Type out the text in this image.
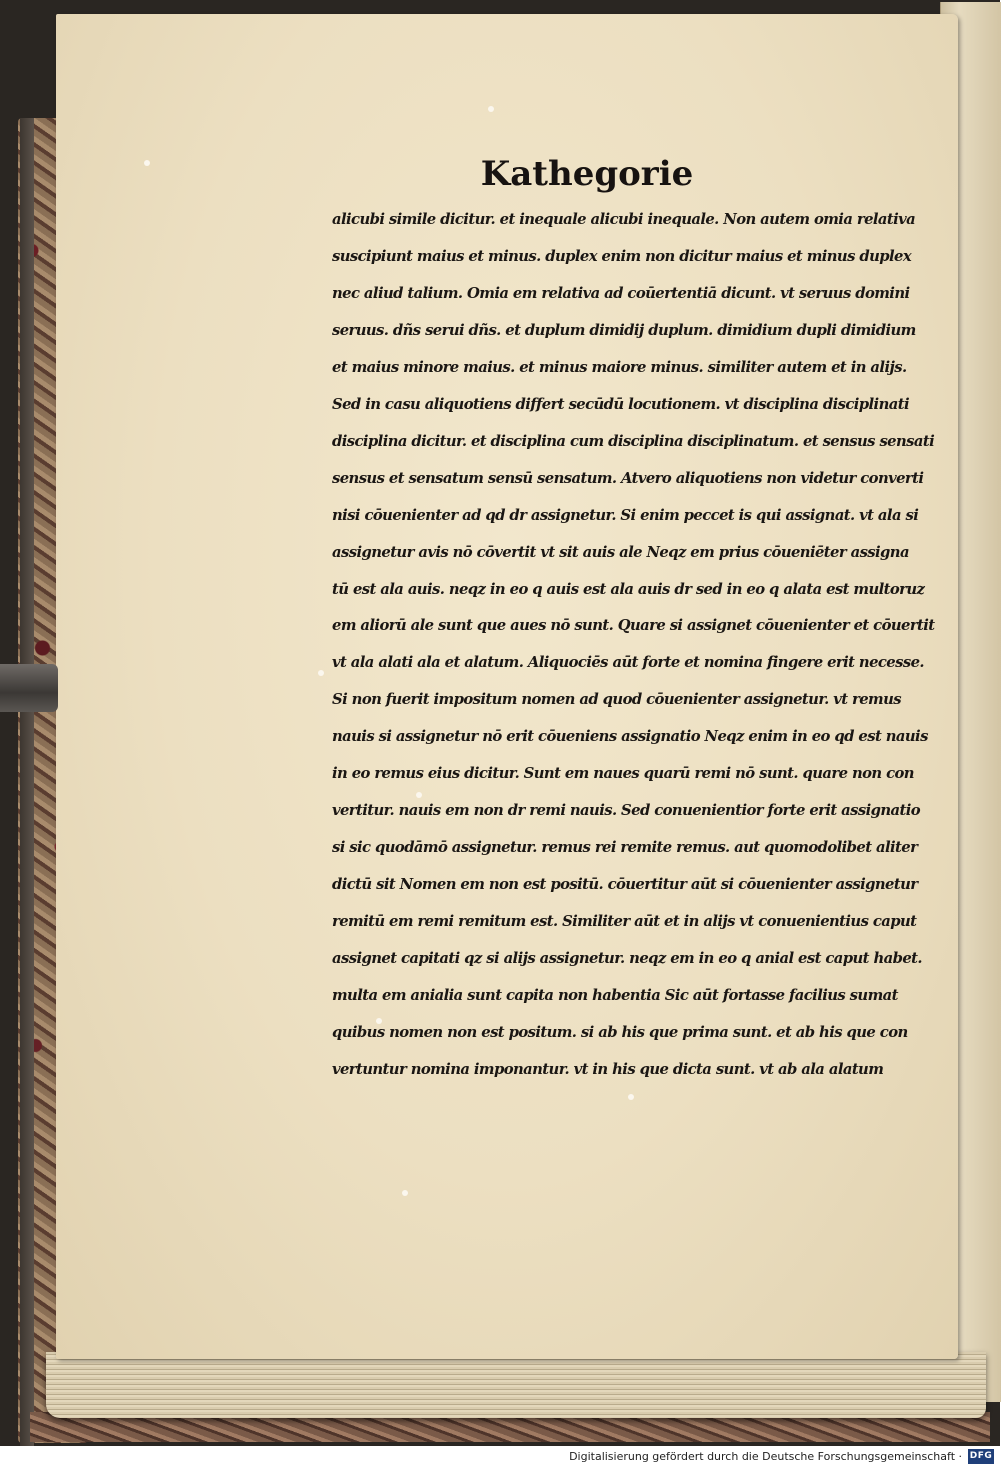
Kathegorie
alicubi simile dicitur. et inequale alicubi inequale. Non autem omia relativa
suscipiunt maius et minus. duplex enim non dicitur maius et minus duplex
nec aliud talium. Omia em relativa ad coūertentiā dicunt. vt seruus domini
seruus. dñs serui dñs. et duplum dimidij duplum. dimidium dupli dimidium
et maius minore maius. et minus maiore minus. similiter autem et in alijs.
Sed in casu aliquotiens differt secūdū locutionem. vt disciplina disciplinati
disciplina dicitur. et disciplina cum disciplina disciplinatum. et sensus sensati
sensus et sensatum sensū sensatum. Atvero aliquotiens non videtur converti
nisi cōuenienter ad qd dr assignetur. Si enim peccet is qui assignat. vt ala si
assignetur avis nō cōvertit vt sit auis ale Neqz em prius cōueniēter assigna
tū est ala auis. neqz in eo q auis est ala auis dr sed in eo q alata est multoruz
em aliorū ale sunt que aues nō sunt. Quare si assignet cōuenienter et cōuertit
vt ala alati ala et alatum. Aliquociēs aūt forte et nomina fingere erit necesse.
Si non fuerit impositum nomen ad quod cōuenienter assignetur. vt remus
nauis si assignetur nō erit cōueniens assignatio Neqz enim in eo qd est nauis
in eo remus eius dicitur. Sunt em naues quarū remi nō sunt. quare non con
vertitur. nauis em non dr remi nauis. Sed conuenientior forte erit assignatio
si sic quodāmō assignetur. remus rei remite remus. aut quomodolibet aliter
dictū sit Nomen em non est positū. cōuertitur aūt si cōuenienter assignetur
remitū em remi remitum est. Similiter aūt et in alijs vt conuenientius caput
assignet capitati qz si alijs assignetur. neqz em in eo q anial est caput habet.
multa em anialia sunt capita non habentia Sic aūt fortasse facilius sumat
quibus nomen non est positum. si ab his que prima sunt. et ab his que con
vertuntur nomina imponantur. vt in his que dicta sunt. vt ab ala alatum
Digitalisierung gefördert durch die Deutsche Forschungsgemeinschaft · DFG
